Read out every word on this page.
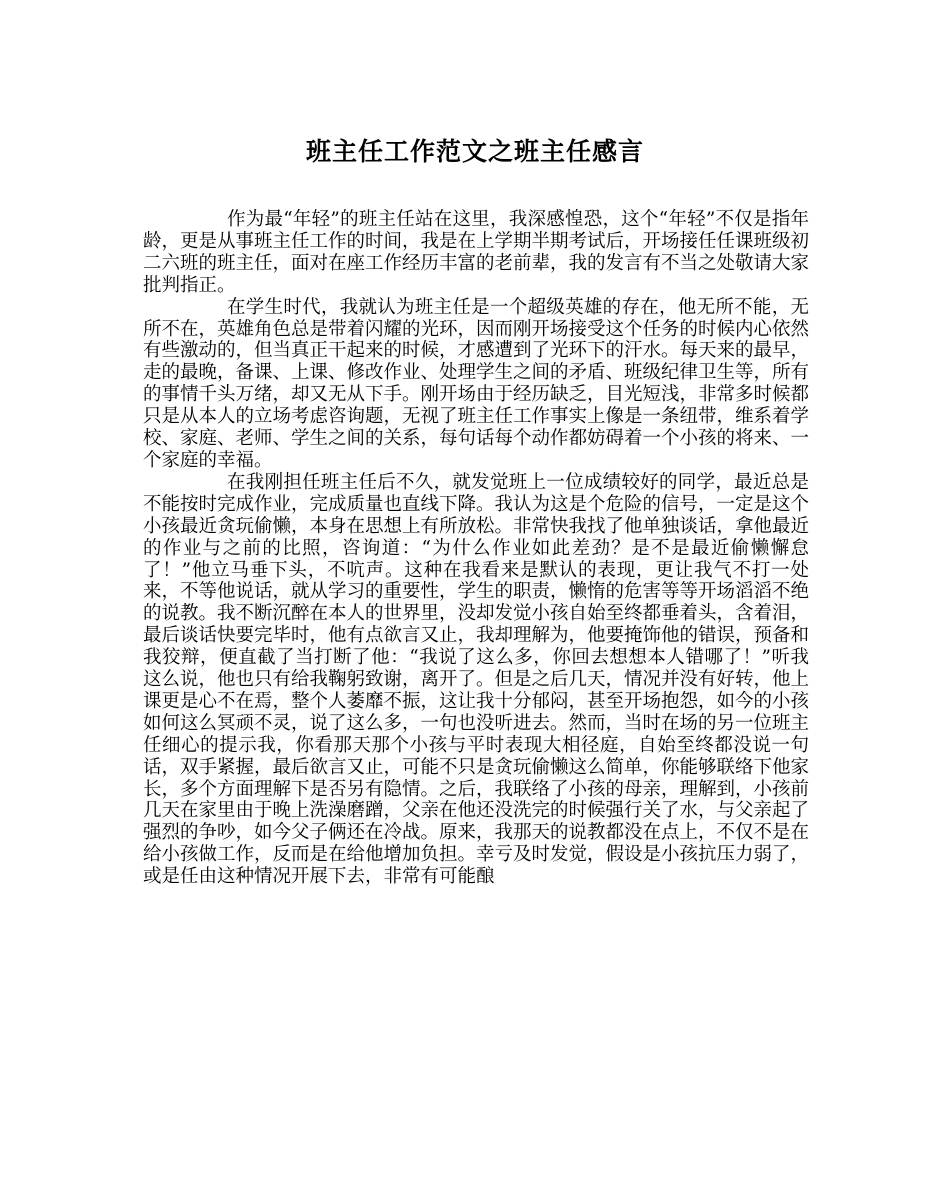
班主任工作范文之班主任感言

作为最“年轻”的班主任站在这里，我深感惶恐，这个“年轻”不仅是指年龄，更是从事班主任工作的时间，我是在上学期半期考试后，开场接任任课班级初二六班的班主任，面对在座工作经历丰富的老前辈，我的发言有不当之处敬请大家批判指正。

在学生时代，我就认为班主任是一个超级英雄的存在，他无所不能，无所不在，英雄角色总是带着闪耀的光环，因而刚开场接受这个任务的时候内心依然有些激动的，但当真正干起来的时候，才感遭到了光环下的汗水。每天来的最早，走的最晚，备课、上课、修改作业、处理学生之间的矛盾、班级纪律卫生等，所有的事情千头万绪，却又无从下手。刚开场由于经历缺乏，目光短浅，非常多时候都只是从本人的立场考虑咨询题，无视了班主任工作事实上像是一条纽带，维系着学校、家庭、老师、学生之间的关系，每句话每个动作都妨碍着一个小孩的将来、一个家庭的幸福。

在我刚担任班主任后不久，就发觉班上一位成绩较好的同学，最近总是不能按时完成作业，完成质量也直线下降。我认为这是个危险的信号，一定是这个小孩最近贪玩偷懒，本身在思想上有所放松。非常快我找了他单独谈话，拿他最近的作业与之前的比照，咨询道：“为什么作业如此差劲？是不是最近偷懒懈怠了！”他立马垂下头，不吭声。这种在我看来是默认的表现，更让我气不打一处来，不等他说话，就从学习的重要性，学生的职责，懒惰的危害等等开场滔滔不绝的说教。我不断沉醉在本人的世界里，没却发觉小孩自始至终都垂着头，含着泪，最后谈话快要完毕时，他有点欲言又止，我却理解为，他要掩饰他的错误，预备和我狡辩，便直截了当打断了他：“我说了这么多，你回去想想本人错哪了！”听我这么说，他也只有给我鞠躬致谢，离开了。但是之后几天，情况并没有好转，他上课更是心不在焉，整个人萎靡不振，这让我十分郁闷，甚至开场抱怨，如今的小孩如何这么冥顽不灵，说了这么多，一句也没听进去。然而，当时在场的另一位班主任细心的提示我，你看那天那个小孩与平时表现大相径庭，自始至终都没说一句话，双手紧握，最后欲言又止，可能不只是贪玩偷懒这么简单，你能够联络下他家长，多个方面理解下是否另有隐情。之后，我联络了小孩的母亲，理解到，小孩前几天在家里由于晚上洗澡磨蹭，父亲在他还没洗完的时候强行关了水，与父亲起了强烈的争吵，如今父子俩还在冷战。原来，我那天的说教都没在点上，不仅不是在给小孩做工作，反而是在给他增加负担。幸亏及时发觉，假设是小孩抗压力弱了，或是任由这种情况开展下去，非常有可能酿
